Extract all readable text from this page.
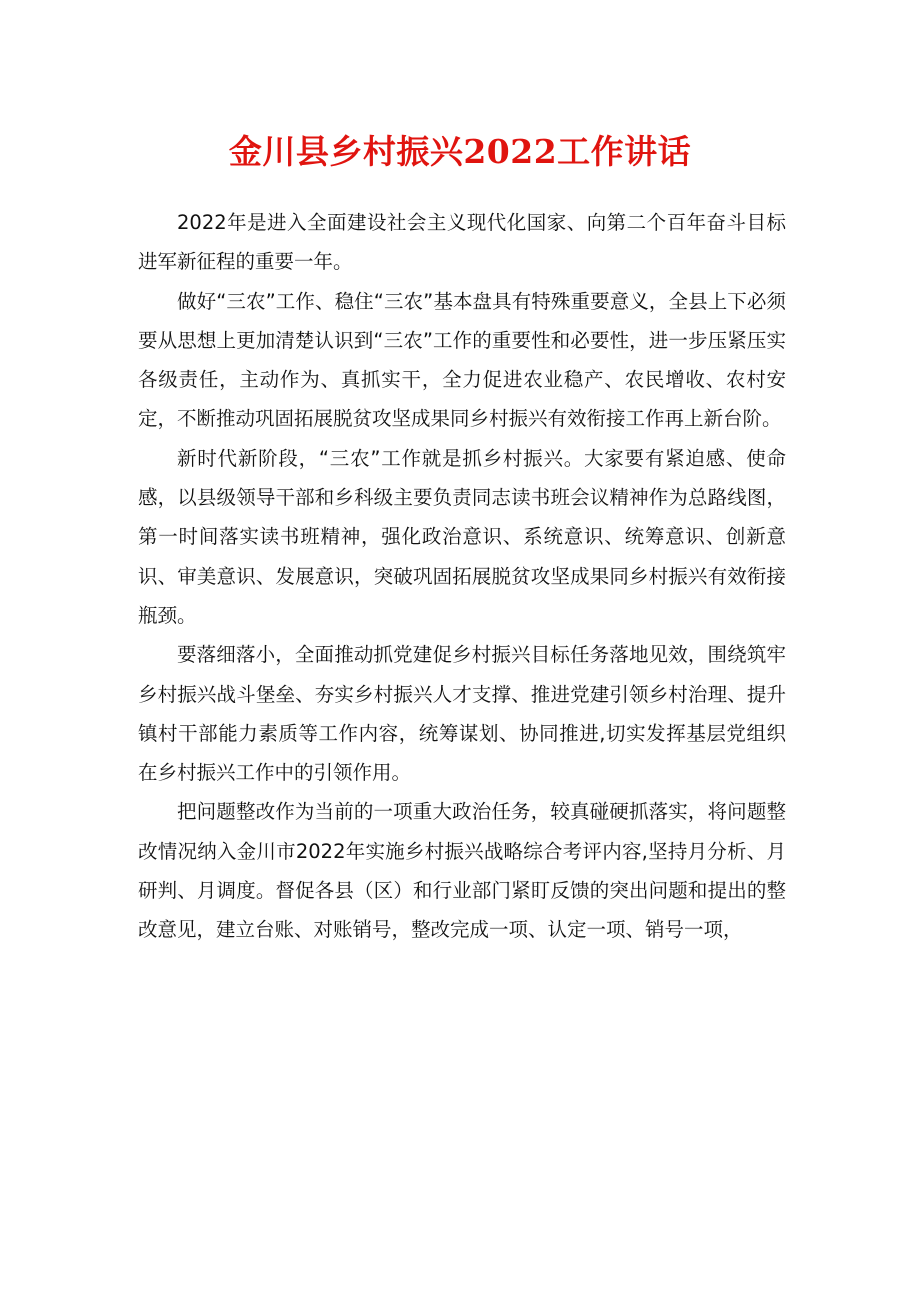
金川县乡村振兴2022工作讲话

2022年是进入全面建设社会主义现代化国家、向第二个百年奋斗目标进军新征程的重要一年。

做好“三农”工作、稳住“三农”基本盘具有特殊重要意义，全县上下必须要从思想上更加清楚认识到“三农”工作的重要性和必要性，进一步压紧压实各级责任，主动作为、真抓实干，全力促进农业稳产、农民增收、农村安定，不断推动巩固拓展脱贫攻坚成果同乡村振兴有效衔接工作再上新台阶。

新时代新阶段，“三农”工作就是抓乡村振兴。大家要有紧迫感、使命感，以县级领导干部和乡科级主要负责同志读书班会议精神作为总路线图，第一时间落实读书班精神，强化政治意识、系统意识、统筹意识、创新意识、审美意识、发展意识，突破巩固拓展脱贫攻坚成果同乡村振兴有效衔接瓶颈。

要落细落小，全面推动抓党建促乡村振兴目标任务落地见效，围绕筑牢乡村振兴战斗堡垒、夯实乡村振兴人才支撑、推进党建引领乡村治理、提升镇村干部能力素质等工作内容，统筹谋划、协同推进,切实发挥基层党组织在乡村振兴工作中的引领作用。

把问题整改作为当前的一项重大政治任务，较真碰硬抓落实，将问题整改情况纳入金川市2022年实施乡村振兴战略综合考评内容,坚持月分析、月研判、月调度。督促各县（区）和行业部门紧盯反馈的突出问题和提出的整改意见，建立台账、对账销号，整改完成一项、认定一项、销号一项，
